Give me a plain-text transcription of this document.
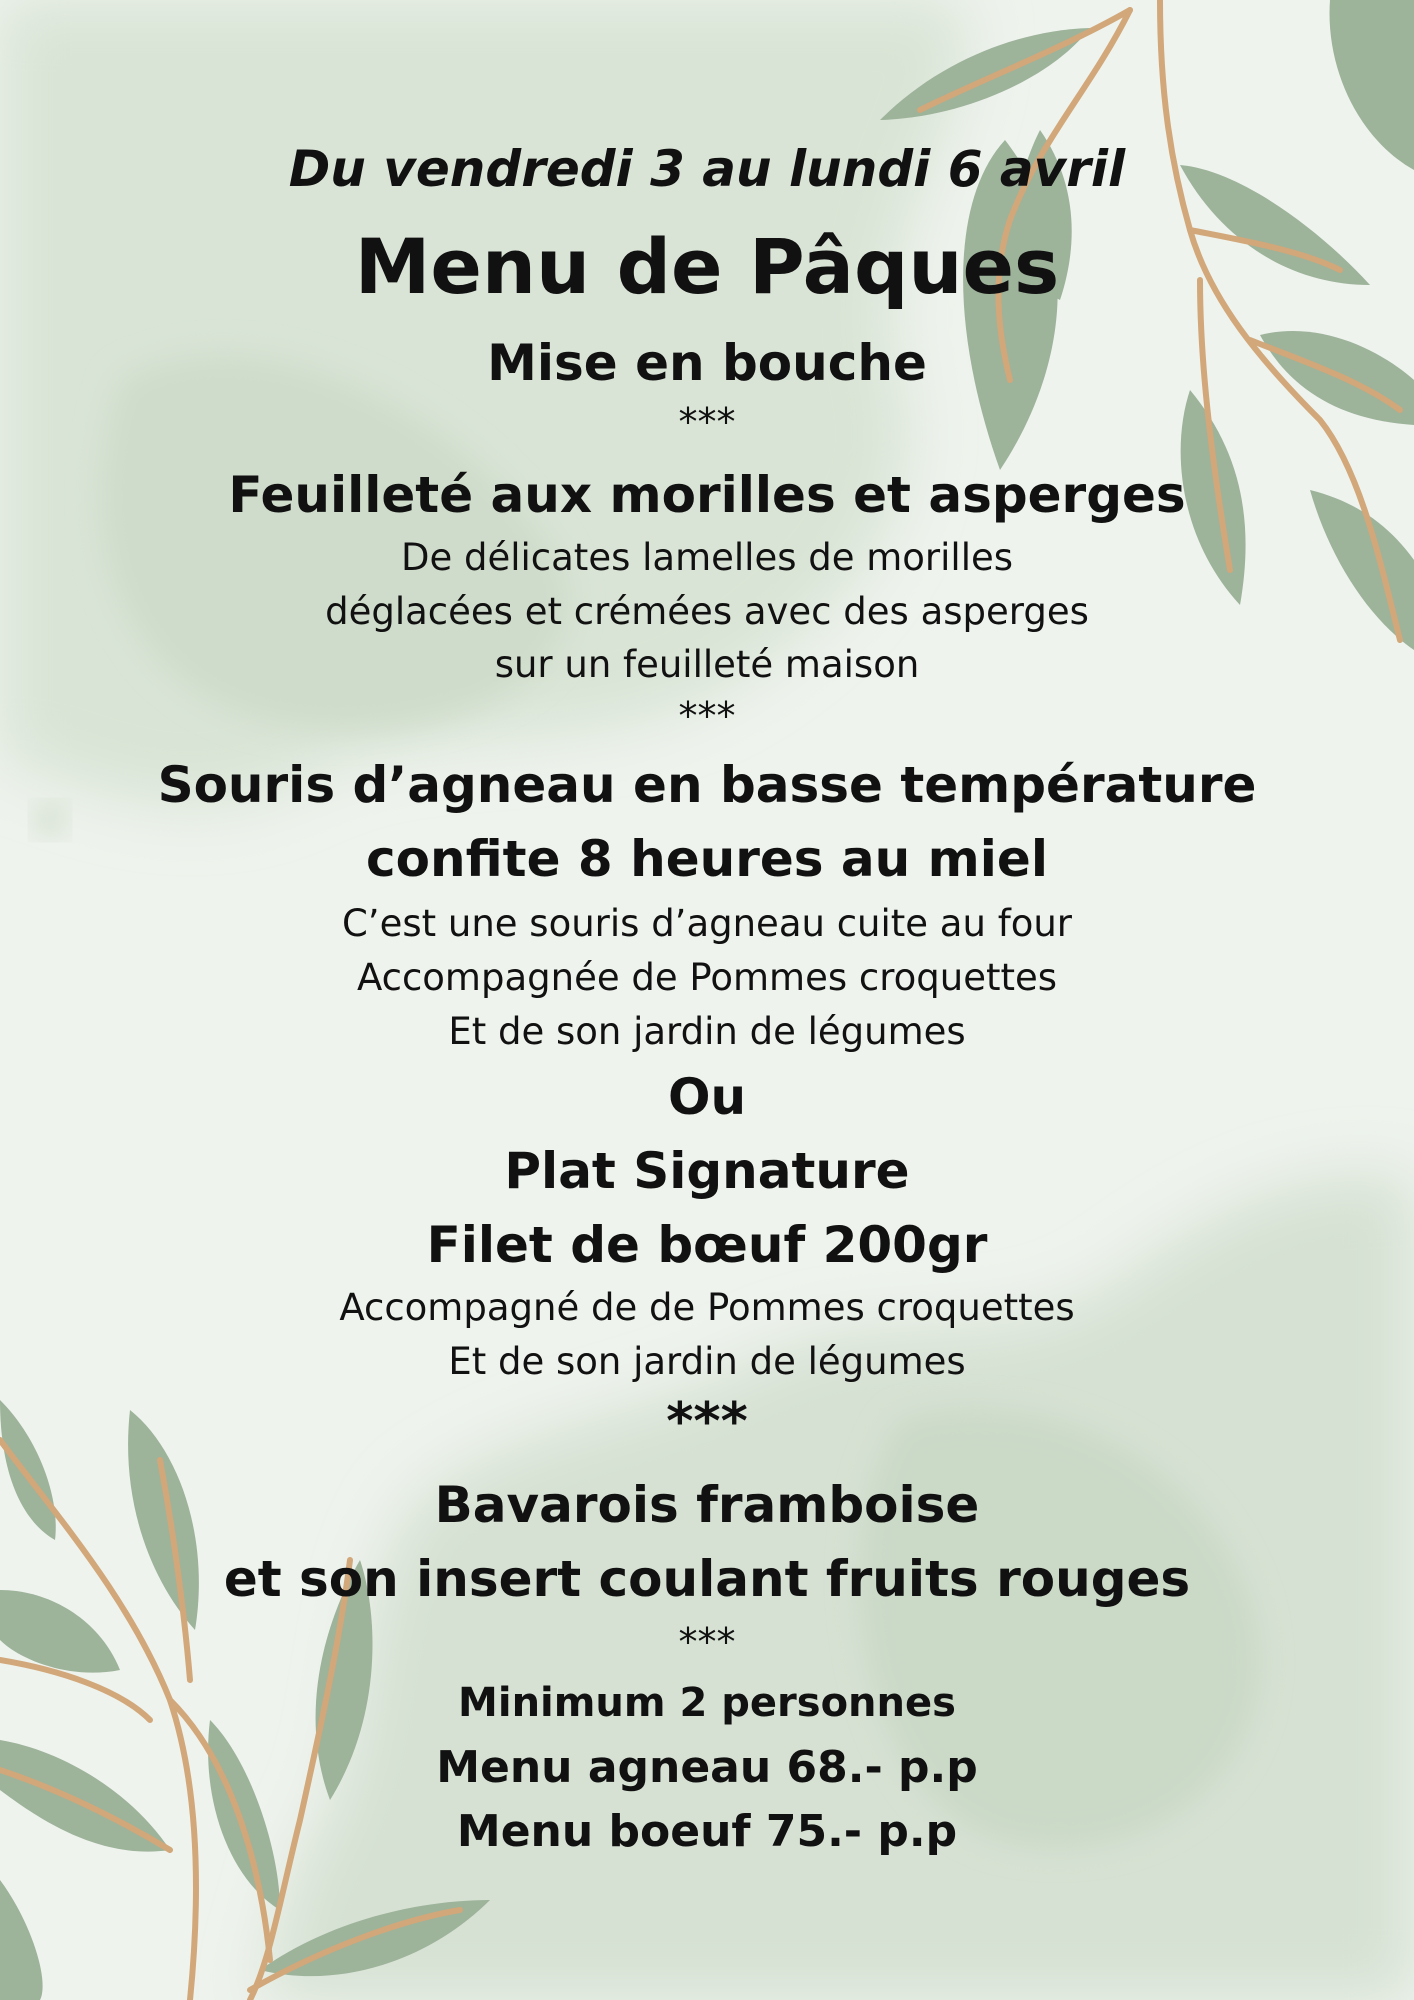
Du vendredi 3 au lundi 6 avril
Menu de Pâques
Mise en bouche
***
Feuilleté aux morilles et asperges
De délicates lamelles de morilles
déglacées et crémées avec des asperges
sur un feuilleté maison
***
Souris d’agneau en basse température
confite 8 heures au miel
C’est une souris d’agneau cuite au four
Accompagnée de Pommes croquettes
Et de son jardin de légumes
Ou
Plat Signature
Filet de bœuf 200gr
Accompagné de de Pommes croquettes
Et de son jardin de légumes
***
Bavarois framboise
et son insert coulant fruits rouges
***
Minimum 2 personnes
Menu agneau 68.- p.p
Menu boeuf 75.- p.p
